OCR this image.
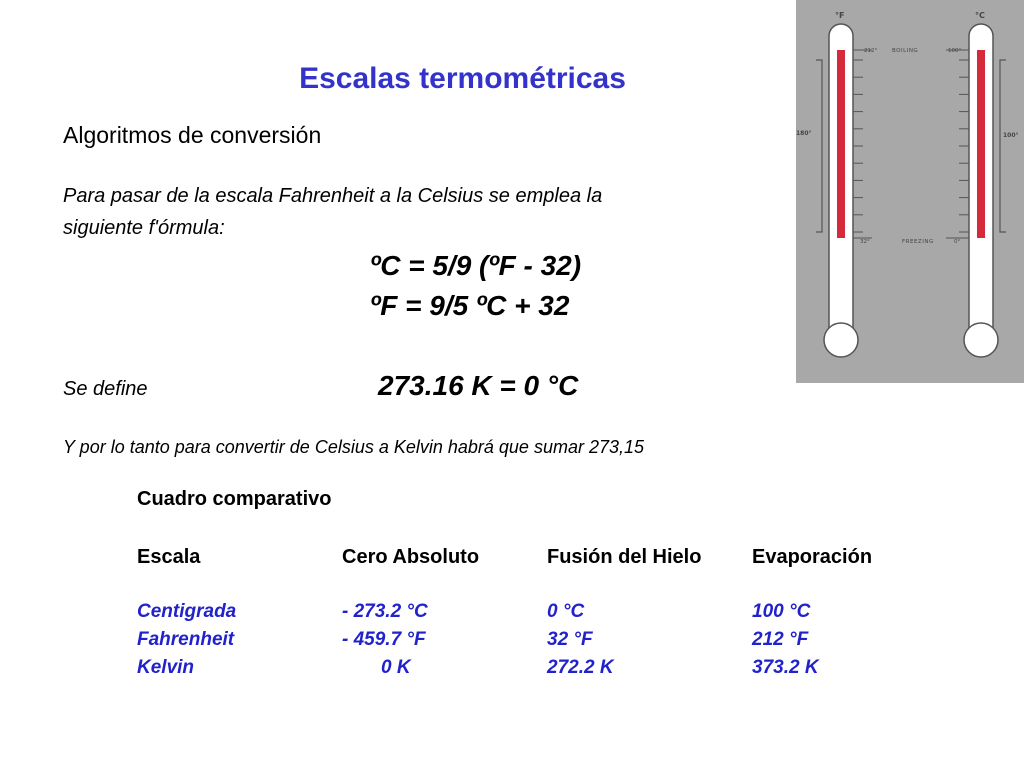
Escalas termométricas
Algoritmos de conversión
Para pasar de la escala Fahrenheit a la Celsius se emplea la
siguiente f'órmula:
ºC = 5/9 (ºF - 32)
ºF = 9/5 ºC + 32
Se define	273.16 K = 0 °C
Y por lo tanto para convertir de Celsius a Kelvin habrá que sumar 273,15
Cuadro comparativo
Escala	Cero Absoluto	Fusión del Hielo	Evaporación
Centigrada	- 273.2 °C	0 °C	100 °C
Fahrenheit	- 459.7 °F	32 °F	212 °F
Kelvin	0 K	272.2 K	373.2 K
°F	°C
212°	BOILING	100°
32°	FREEZING	0°
180°	100°
